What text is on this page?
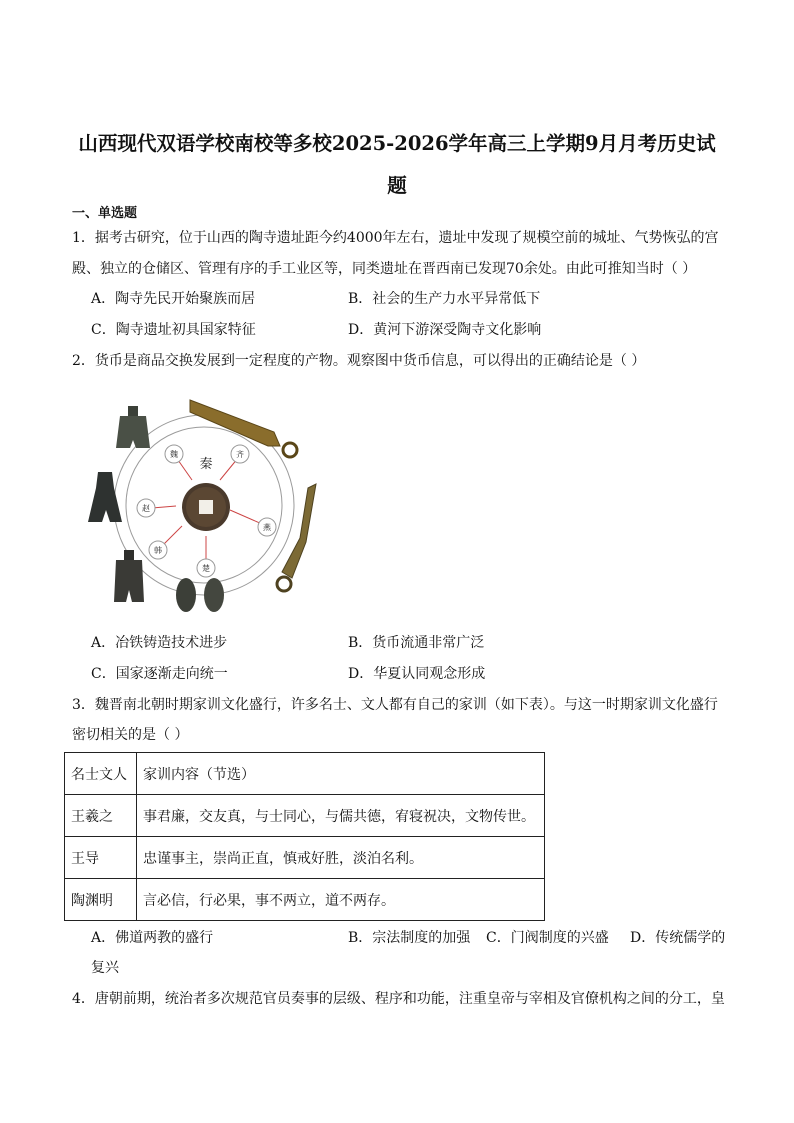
山西现代双语学校南校等多校2025-2026学年高三上学期9月月考历史试
题
一、单选题
1．据考古研究，位于山西的陶寺遗址距今约4000年左右，遗址中发现了规模空前的城址、气势恢弘的宫
殿、独立的仓储区、管理有序的手工业区等，同类遗址在晋西南已发现70余处。由此可推知当时（ ）
A．陶寺先民开始聚族而居	B．社会的生产力水平异常低下
C．陶寺遗址初具国家特征	D．黄河下游深受陶寺文化影响
2．货币是商品交换发展到一定程度的产物。观察图中货币信息，可以得出的正确结论是（ ）
秦
魏	齐
燕
楚
韩
赵
A．冶铁铸造技术进步	B．货币流通非常广泛
C．国家逐渐走向统一	D．华夏认同观念形成
3．魏晋南北朝时期家训文化盛行，许多名士、文人都有自己的家训（如下表）。与这一时期家训文化盛行
密切相关的是（ ）
名士文人	家训内容（节选）
王羲之	事君廉，交友真，与士同心，与儒共德，宥寝祝决，文物传世。
王导	忠谨事主，崇尚正直，慎戒好胜，淡泊名利。
陶渊明	言必信，行必果，事不两立，道不两存。
A．佛道两教的盛行	B．宗法制度的加强 C．门阀制度的兴盛 D．传统儒学的
复兴
4．唐朝前期，统治者多次规范官员奏事的层级、程序和功能，注重皇帝与宰相及官僚机构之间的分工，皇
